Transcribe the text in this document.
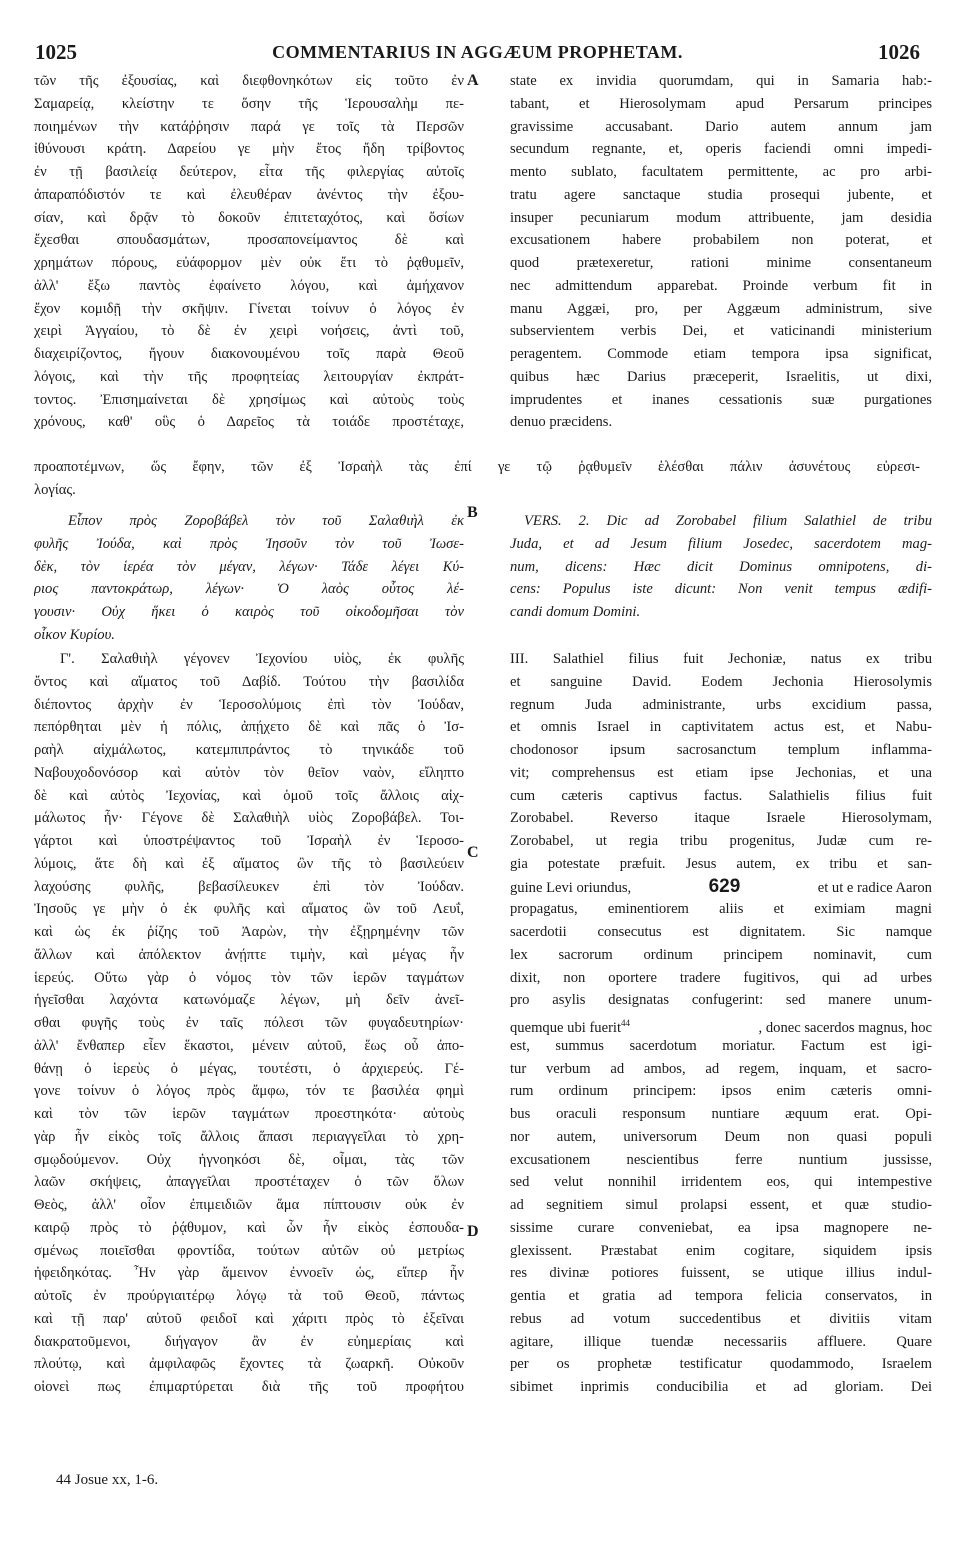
1025	COMMENTARIUS IN AGGÆUM PROPHETAM.	1026
A
B
C
D
τῶν τῆς ἐξουσίας, καὶ διεφθονηκότων εἰς τοῦτο ἐν
Σαμαρείᾳ, κλείστην τε ὅσην τῆς Ἱερουσαλὴμ πε-
ποιημένων τὴν κατάῤῥησιν παρά γε τοῖς τὰ Περσῶν
ἰθύνουσι κράτη. Δαρείου γε μὴν ἔτος ἤδη τρίβοντος
ἐν τῇ βασιλείᾳ δεύτερον, εἶτα τῆς φιλεργίας αὐτοῖς
ἀπαραπόδιστόν τε καὶ ἐλευθέραν ἀνέντος τὴν ἐξου-
σίαν, καὶ δρᾷν τὸ δοκοῦν ἐπιτεταχότος, καὶ ὅσίων
ἔχεσθαι σπουδασμάτων, προσαπονείμαντος δὲ καὶ
χρημάτων πόρους, εὐάφορμον μὲν οὐκ ἔτι τὸ ῥᾳθυμεῖν,
ἀλλ' ἔξω παντὸς ἐφαίνετο λόγου, καὶ ἀμήχανον
ἔχον κομιδῇ τὴν σκῆψιν. Γίνεται τοίνυν ὁ λόγος ἐν
χειρὶ Ἀγγαίου, τὸ δὲ ἐν χειρὶ νοήσεις, ἀντὶ τοῦ,
διαχειρίζοντος, ἤγουν διακονουμένου τοῖς παρὰ Θεοῦ
λόγοις, καὶ τὴν τῆς προφητείας λειτουργίαν ἐκπράτ-
τοντος. Ἐπισημαίνεται δὲ χρησίμως καὶ αὐτοὺς τοὺς
χρόνους, καθ' οὓς ὁ Δαρεῖος τὰ τοιάδε προστέταχε,
state ex invidia quorumdam, qui in Samaria hab:-
tabant, et Hierosolymam apud Persarum principes
gravissime accusabant. Dario autem annum jam
secundum regnante, et, operis faciendi omni impedi-
mento sublato, facultatem permittente, ac pro arbi-
tratu agere sanctaque studia prosequi jubente, et
insuper pecuniarum modum attribuente, jam desidia
excusationem habere probabilem non poterat, et
quod prætexeretur, rationi minime consentaneum
nec admittendum apparebat. Proinde verbum fit in
manu Aggæi, pro, per Aggæum administrum, sive
subservientem verbis Dei, et vaticinandi ministerium
peragentem. Commode etiam tempora ipsa significat,
quibus hæc Darius præceperit, Israelitis, ut dixi,
imprudentes et inanes cessationis suæ purgationes
denuo præcidens.
προαποτέμνων, ὥς ἔφην, τῶν ἐξ Ἰσραὴλ τὰς ἐπί γε τῷ ῥᾳθυμεῖν ἑλέσθαι πάλιν ἀσυνέτους εὑρεσι-
λογίας.
Εἶπον πρὸς Ζοροβάβελ τὸν τοῦ Σαλαθιὴλ ἐκ
φυλῆς Ἰούδα, καὶ πρὸς Ἰησοῦν τὸν τοῦ Ἰωσε-
δὲκ, τὸν ἱερέα τὸν μέγαν, λέγων· Τάδε λέγει Κύ-
ριος παντοκράτωρ, λέγων· Ὁ λαὸς οὗτος λέ-
γουσιν· Οὐχ ἥκει ὁ καιρὸς τοῦ οἰκοδομῆσαι τὸν
οἶκον Κυρίου.
VERS. 2. Dic ad Zorobabel filium Salathiel de tribu
Juda, et ad Jesum filium Josedec, sacerdotem mag-
num, dicens: Hæc dicit Dominus omnipotens, di-
cens: Populus iste dicunt: Non venit tempus ædifi-
candi domum Domini.
Γ'. Σαλαθιὴλ γέγονεν Ἰεχονίου υἱὸς, ἐκ φυλῆς
ὄντος καὶ αἵματος τοῦ Δαβίδ. Τούτου τὴν βασιλίδα
διέποντος ἀρχὴν ἐν Ἱεροσολύμοις ἐπὶ τὸν Ἰούδαν,
πεπόρθηται μὲν ἡ πόλις, ἀπῄχετο δὲ καὶ πᾶς ὁ Ἰσ-
ραὴλ αἰχμάλωτος, κατεμπιπράντος τὸ τηνικάδε τοῦ
Ναβουχοδονόσορ καὶ αὐτὸν τὸν θεῖον ναὸν, εἴληπτο
δὲ καὶ αὐτὸς Ἰεχονίας, καὶ ὁμοῦ τοῖς ἄλλοις αἰχ-
μάλωτος ἦν· Γέγονε δὲ Σαλαθιὴλ υἱὸς Ζοροβάβελ. Τοι-
γάρτοι καὶ ὑποστρέψαντος τοῦ Ἰσραὴλ ἐν Ἱεροσο-
λύμοις, ἅτε δὴ καὶ ἐξ αἵματος ὢν τῆς τὸ βασιλεύειν
λαχούσης φυλῆς, βεβασίλευκεν ἐπὶ τὸν Ἰούδαν.
Ἰησοῦς γε μὴν ὁ ἐκ φυλῆς καὶ αἵματος ὢν τοῦ Λευΐ,
καὶ ὡς ἐκ ῥίζης τοῦ Ἀαρὼν, τὴν ἐξῃρημένην τῶν
ἄλλων καὶ ἀπόλεκτον ἀνῄπτε τιμὴν, καὶ μέγας ἦν
ἱερεύς. Οὕτω γὰρ ὁ νόμος τὸν τῶν ἱερῶν ταγμάτων
ἡγεῖσθαι λαχόντα κατωνόμαζε λέγων, μὴ δεῖν ἀνεῖ-
σθαι φυγῆς τοὺς ἐν ταῖς πόλεσι τῶν φυγαδευτηρίων·
ἀλλ' ἔνθαπερ εἶεν ἕκαστοι, μένειν αὐτοῦ, ἕως οὗ ἀπο-
θάνῃ ὁ ἱερεὺς ὁ μέγας, τουτέστι, ὁ ἀρχιερεύς. Γέ-
γονε τοίνυν ὁ λόγος πρὸς ἄμφω, τόν τε βασιλέα φημὶ
καὶ τὸν τῶν ἱερῶν ταγμάτων προεστηκότα· αὐτοὺς
γὰρ ἦν εἰκὸς τοῖς ἄλλοις ἅπασι περιαγγεῖλαι τὸ χρη-
σμῳδούμενον. Οὐχ ἠγνοηκόσι δὲ, οἶμαι, τὰς τῶν
λαῶν σκήψεις, ἀπαγγεῖλαι προστέταχεν ὁ τῶν ὅλων
Θεὸς, ἀλλ' οἷον ἐπιμειδιῶν ἅμα πίπτουσιν οὐκ ἐν
καιρῷ πρὸς τὸ ῥᾴθυμον, καὶ ὧν ἦν εἰκὸς ἐσπουδα-
σμένως ποιεῖσθαι φροντίδα, τούτων αὐτῶν οὐ μετρίως
ἠφειδηκότας. Ἦν γὰρ ἄμεινον ἐννοεῖν ὡς, εἴπερ ἦν
αὐτοῖς ἐν προύργιαιτέρῳ λόγῳ τὰ τοῦ Θεοῦ, πάντως
καὶ τῇ παρ' αὐτοῦ φειδοῖ καὶ χάριτι πρὸς τὸ ἐξεῖναι
διακρατοῦμενοι, διήγαγον ἂν ἐν εὐημερίαις καὶ
πλούτῳ, καὶ ἀμφιλαφῶς ἔχοντες τὰ ζωαρκῆ. Οὐκοῦν
οἱονεὶ πως ἐπιμαρτύρεται διὰ τῆς τοῦ προφήτου
III. Salathiel filius fuit Jechoniæ, natus ex tribu
et sanguine David. Eodem Jechonia Hierosolymis
regnum Juda administrante, urbs excidium passa,
et omnis Israel in captivitatem actus est, et Nabu-
chodonosor ipsum sacrosanctum templum inflamma-
vit; comprehensus est etiam ipse Jechonias, et una
cum cæteris captivus factus. Salathielis filius fuit
Zorobabel. Reverso itaque Israele Hierosolymam,
Zorobabel, ut regia tribu progenitus, Judæ cum re-
gia potestate præfuit. Jesus autem, ex tribu et san-
guine Levi oriundus,	629	et ut e radice Aaron
propagatus, eminentiorem aliis et eximiam magni
sacerdotii consecutus est dignitatem. Sic namque
lex sacrorum ordinum principem nominavit, cum
dixit, non oportere tradere fugitivos, qui ad urbes
pro asylis designatas confugerint: sed manere unum-
quemque ubi fuerit$^{44}$	, donec sacerdos magnus, hoc
est, summus sacerdotum moriatur. Factum est igi-
tur verbum ad ambos, ad regem, inquam, et sacro-
rum ordinum principem: ipsos enim cæteris omni-
bus oraculi responsum nuntiare æquum erat. Opi-
nor autem, universorum Deum non quasi populi
excusationem nescientibus ferre nuntium jussisse,
sed velut nonnihil irridentem eos, qui intempestive
ad segnitiem simul prolapsi essent, et quæ studio-
sissime curare conveniebat, ea ipsa magnopere ne-
glexissent. Præstabat enim cogitare, siquidem ipsis
res divinæ potiores fuissent, se utique illius indul-
gentia et gratia ad tempora felicia conservatos, in
rebus ad votum succedentibus et divitiis vitam
agitare, illique tuendæ necessariis affluere. Quare
per os prophetæ testificatur quodammodo, Israelem
sibimet inprimis conducibilia et ad gloriam. Dei
44 Josue xx, 1-6.
